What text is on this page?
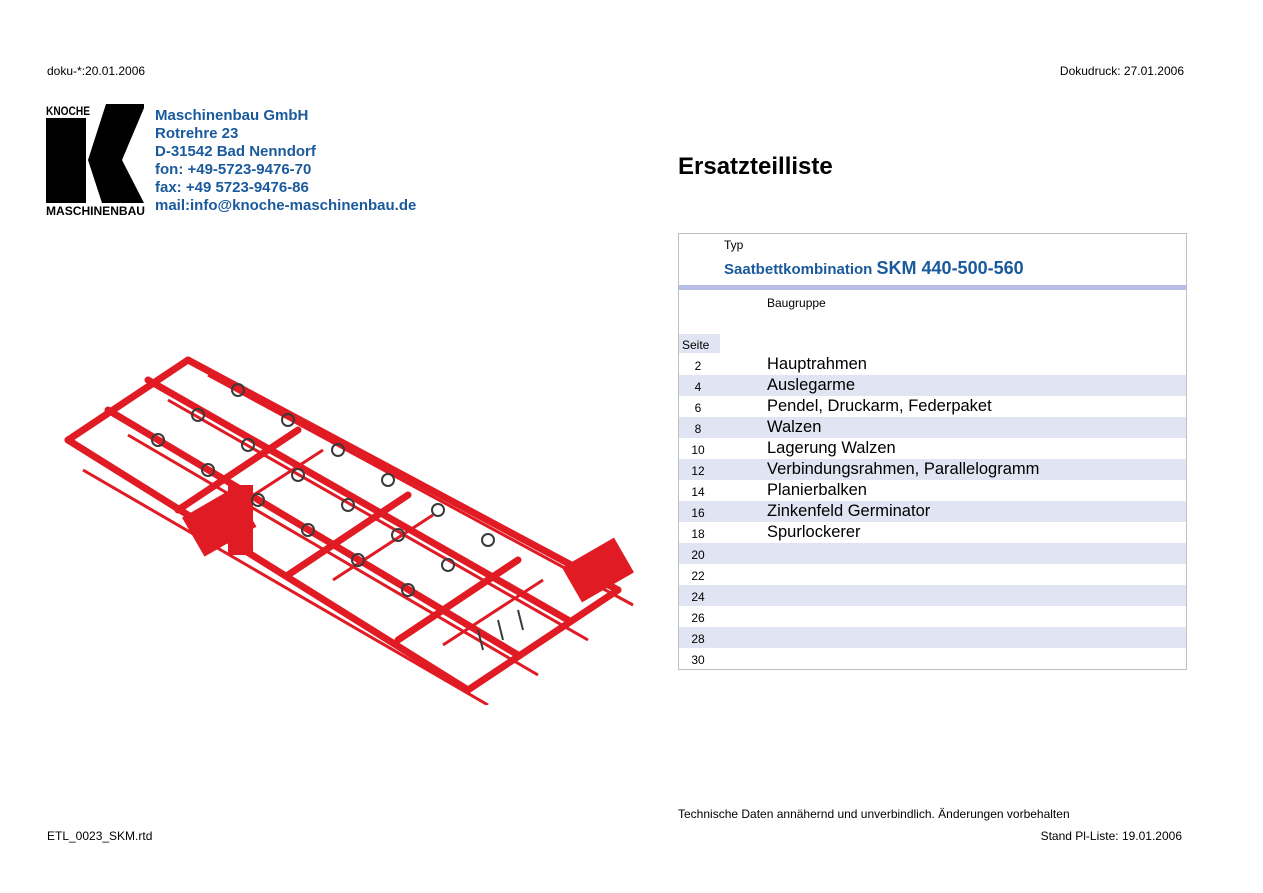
doku-*:20.01.2006	Dokudruck: 27.01.2006
KNOCHE
MASCHINENBAU
Maschinenbau GmbH
Rotrehre 23
D-31542 Bad Nenndorf
fon: +49-5723-9476-70
fax: +49 5723-9476-86
mail:info@knoche-maschinenbau.de
Ersatzteilliste
Typ
Saatbettkombination SKM 440-500-560
Baugruppe
Seite
2	Hauptrahmen
4	Auslegarme
6	Pendel, Druckarm, Federpaket
8	Walzen
10	Lagerung Walzen
12	Verbindungsrahmen, Parallelogramm
14	Planierbalken
16	Zinkenfeld Germinator
18	Spurlockerer
20
22
24
26
28
30
Technische Daten annähernd und unverbindlich. Änderungen vorbehalten
ETL_0023_SKM.rtd	Stand Pl-Liste: 19.01.2006
